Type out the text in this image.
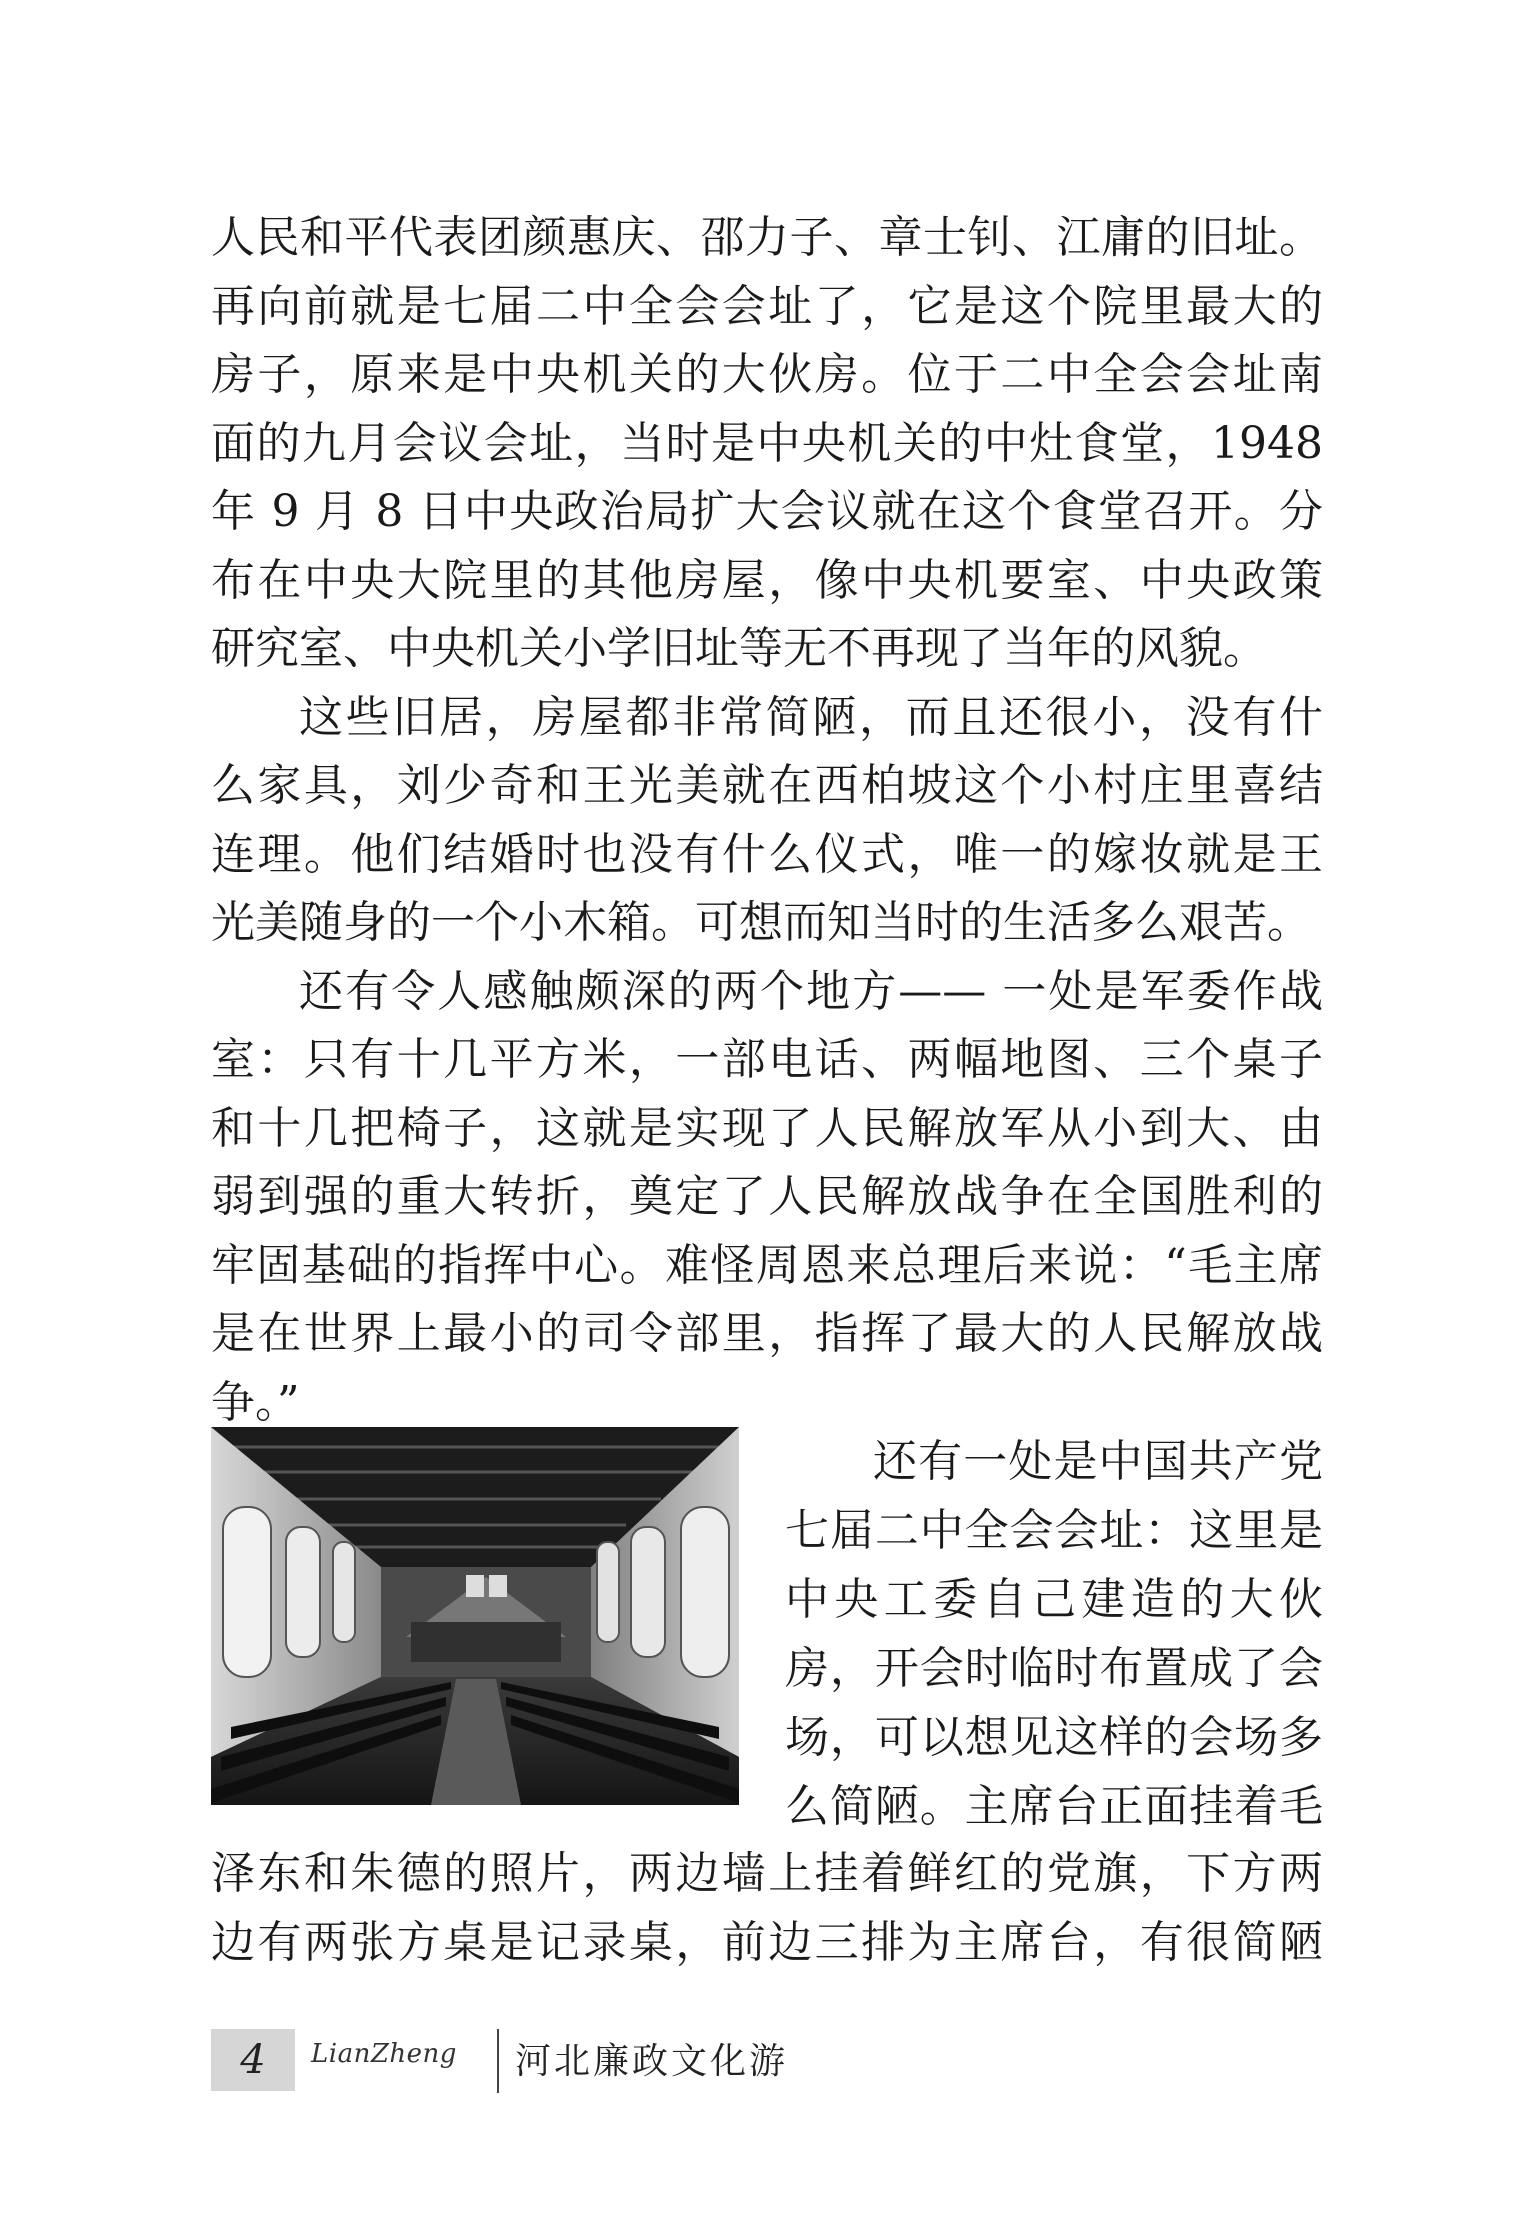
人民和平代表团颜惠庆、邵力子、章士钊、江庸的旧址。
再向前就是七届二中全会会址了，它是这个院里最大的
房子，原来是中央机关的大伙房。位于二中全会会址南
面的九月会议会址，当时是中央机关的中灶食堂，1948
年 9 月 8 日中央政治局扩大会议就在这个食堂召开。分
布在中央大院里的其他房屋，像中央机要室、中央政策
研究室、中央机关小学旧址等无不再现了当年的风貌。
这些旧居，房屋都非常简陋，而且还很小，没有什
么家具，刘少奇和王光美就在西柏坡这个小村庄里喜结
连理。他们结婚时也没有什么仪式，唯一的嫁妆就是王
光美随身的一个小木箱。可想而知当时的生活多么艰苦。
还有令人感触颇深的两个地方—— 一处是军委作战
室：只有十几平方米，一部电话、两幅地图、三个桌子
和十几把椅子，这就是实现了人民解放军从小到大、由
弱到强的重大转折，奠定了人民解放战争在全国胜利的
牢固基础的指挥中心。难怪周恩来总理后来说：“毛主席
是在世界上最小的司令部里，指挥了最大的人民解放战
争。”
还有一处是中国共产党
七届二中全会会址：这里是
中央工委自己建造的大伙
房，开会时临时布置成了会
场，可以想见这样的会场多
么简陋。主席台正面挂着毛
泽东和朱德的照片，两边墙上挂着鲜红的党旗，下方两
边有两张方桌是记录桌，前边三排为主席台，有很简陋
4	LianZheng 河北廉政文化游
